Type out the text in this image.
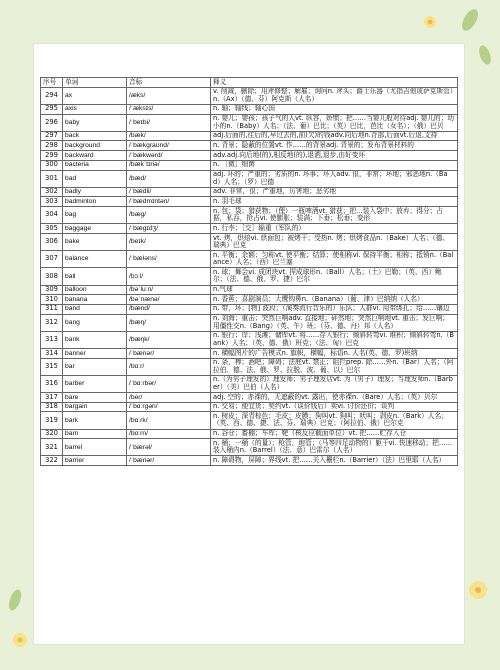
序号	单词	音标	释义
294	ax	/æks/	v. 削减，删除；用斧修整；解雇；询问n. 斧头；爵士乐器（尤指吉他或萨克斯管）n.（Ax）（德、芬）阿克斯（人名）
295	axis	/ˈæksɪs/	n. 轴；轴线；轴心国
296	baby	/ˈbeɪbi/	n. 婴儿；婴孩；孩子气的人vt. 纵容，娇惯；把……当婴儿般对待adj. 婴儿的；幼小的n.（Baby）人名；（法、葡）巴比；（英）巴比，芭比（女名）；（俄）巴贝
297	back	/bæk/	adj.后面的,往后的,早过去的,前(欠)的钱adv.向后地n.背部,后面vt.后退,支持
298	background	/ˈbækɡraʊnd/	n. 背景；隐蔽的位置vt. 作……的背景adj. 背景的；发布背景材料的
299	backward	/ˈbækwərd/	adv.adj.向后地(的),相反地(的),退洒,退步,由好变坏
300	bacteria	/bækˈtɪriə/	n. ［微］细菌
301	bad	/bæd/	adj. 坏的；严重的；劣质的n. 坏事；坏人adv. 很，非常；坏地；邪恶地n.（Bad）人名；（罗）巴德
302	badly	/ˈbædli/	adv. 非常，很；严重地，厉害地；恶劣地
303	badminton	/ˈbædmɪntən/	n. 羽毛球
304	bag	/bæɡ/	n. 包；袋；猎获物；（俚）一瓶啤酒vt. 猎获；把…装入袋中；放弃；得分；占据，私吞，抢占vi. 使膨胀；装满；下垂；松垂；变形
305	baggage	/ˈbæɡɪdʒ/	n. 行李；［交］辎重（军队的）
306	bake	/beɪk/	vt. 烤，烘焙vi. 烘面包；被烤干；受热n. 烤；烘烤食品n.（Bake）人名；（德、瑞典）巴克
307	balance	/ˈbæləns/	n. 平衡；余额；匀称vt. 使平衡；结算；使相称vi. 保持平衡；相称；抵销n.（Balance）人名；（西）巴兰塞
308	ball	/bɔːl/	n. 球；舞会vi. 成团块vt. 捏成球形n.（Ball）人名；（土）巴勒；（英、西）鲍尔；（法、德、俄、罗、捷）巴尔
309	balloon	/bəˈluːn/	n.气球
310	banana	/bəˈnænə/	n. 香蕉；喜剧演员；大鹰钩鼻n.（Banana）（葡、津）巴纳纳（人名）
311	band	/bænd/	n. 带，环；[物] 波段；（演奏流行音乐的）乐队；人群vi. 用带绑扎；给……镶边
312	bang	/bæŋ/	n. 刘海；重击；突然巨响adv. 直接地；砰然地；突然巨响地vt. 重击；发巨响；用僵性交n.（Bang）（英、午）班；（芬、德、丹）邦（人名）
313	bank	/bæŋk/	n. 银行；岸；浅滩；储库vt. 将……存入银行；倾斜转弯vi. 堆积；倾斜转弯n.（Bank）人名；（英、德、俄）班克；（法、匈）巴克
314	banner	/ˈbænər/	n. 横幅图片的广告模式n. 旗帜，横幅，标语n. 人名(英、德、罗)班纳
315	bar	/bɑːr/	n. 条，棒；酒吧；障碍；法庭vt. 禁止；阻拦prep. 除……外n.（Bar）人名；（阿拉伯、德、法、俄、罗、拉脱、波、葡、以）巴尔
316	barber	/ˈbɑːrbər/	n.（为男子理发的）理发师；男子理发店vt. 为（男子）理发；当理发师n.（Barber）（美）巴伯（人名）
317	bare	/ber/	adj. 空的；赤裸的，无遮蔽的vt. 露出，使赤裸n.（Bare）人名；（英）贝尔
318	bargain	/ˈbɑːrɡən/	n. 交易；便宜货；契约vt.（谈价钱后）卖vi. 讨价还价；谈判
319	bark	/bɑːrk/	n. 树皮；深青棕色；毛皮；皮膜；狗叫vt. 狗叫；吠叫；剥皮n.（Bark）人名；（英、西、德、捷、法、芬、瑞典）巴克；（阿拉伯、俄）巴尔克
320	barn	/bɑːrn/	n. 谷仓；畜棚；车库；靶（核反应截面单位）vt. 把……贮存入仓
321	barrel	/ˈbærəl/	n. 桶；一桶（的量）；枪管，炮管；（马等四足动物的）躯干vi. 快速移动；把……装入桶内n.（Barrel）（法、意）巴雷尔（人名）
322	barrier	/ˈbæriər/	n. 障碍物，屏障；界线vt. 把……关入栅栏n.（Barrier）（法）巴里耶（人名）
